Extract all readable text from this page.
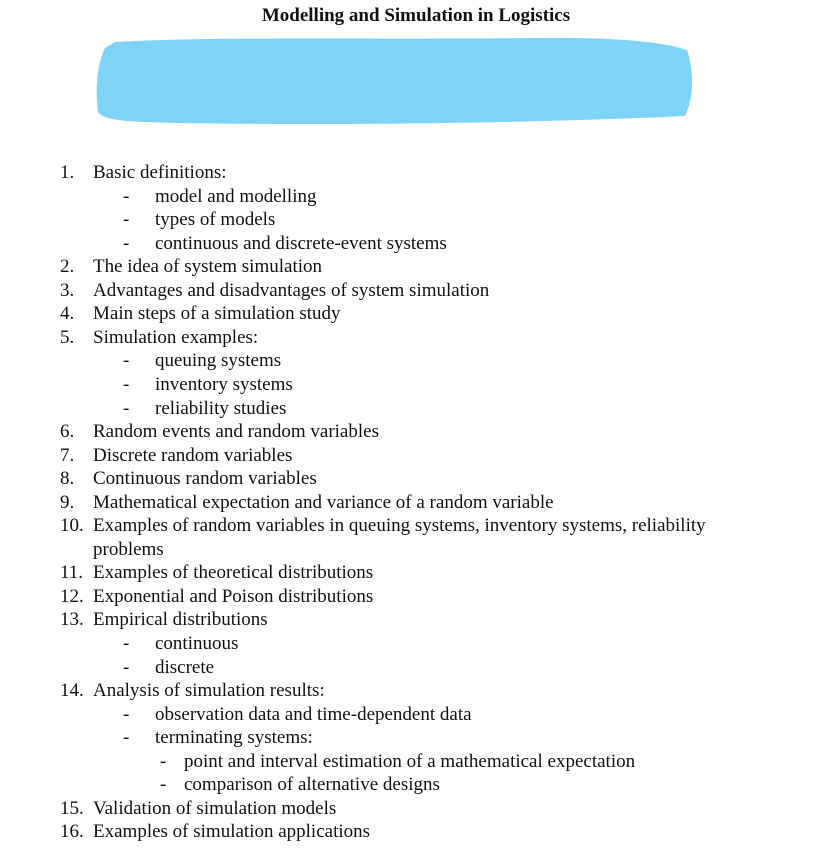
Modelling and Simulation in Logistics
1. Basic definitions:
- model and modelling
- types of models
- continuous and discrete-event systems
2. The idea of system simulation
3. Advantages and disadvantages of system simulation
4. Main steps of a simulation study
5. Simulation examples:
- queuing systems
- inventory systems
- reliability studies
6. Random events and random variables
7. Discrete random variables
8. Continuous random variables
9. Mathematical expectation and variance of a random variable
10. Examples of random variables in queuing systems, inventory systems, reliability
problems
11. Examples of theoretical distributions
12. Exponential and Poison distributions
13. Empirical distributions
- continuous
- discrete
14. Analysis of simulation results:
- observation data and time-dependent data
- terminating systems:
- point and interval estimation of a mathematical expectation
- comparison of alternative designs
15. Validation of simulation models
16. Examples of simulation applications
